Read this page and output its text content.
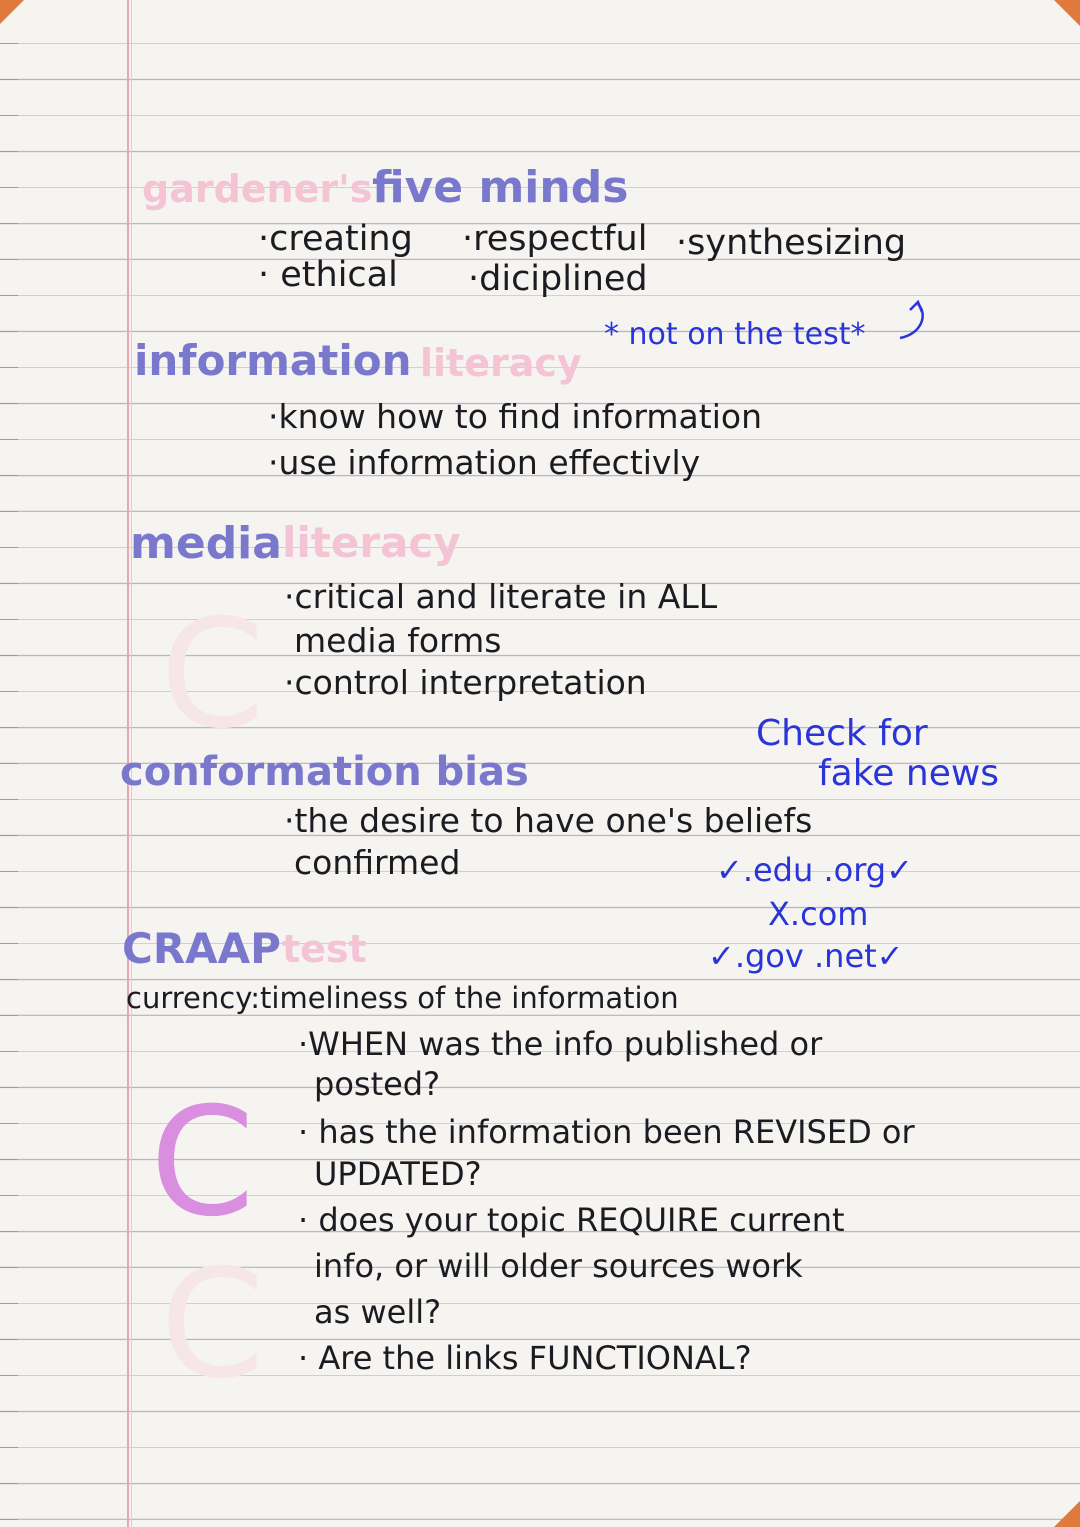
C
C
gardener's five minds
·creating
· ethical
·respectful
·diciplined
·synthesizing
* not on the test*
information literacy
·know how to find information
·use information effectivly
media literacy
·critical and literate in ALL
media forms
·control interpretation
Check for
fake news
conformation bias
·the desire to have one's beliefs
confirmed	✓.edu .org✓
X.com
✓.gov .net✓
CRAAP test
currency:timeliness of the information
C
·WHEN was the info published or
posted?
· has the information been REVISED or
UPDATED?
· does your topic REQUIRE current
info, or will older sources work
as well?
· Are the links FUNCTIONAL?
